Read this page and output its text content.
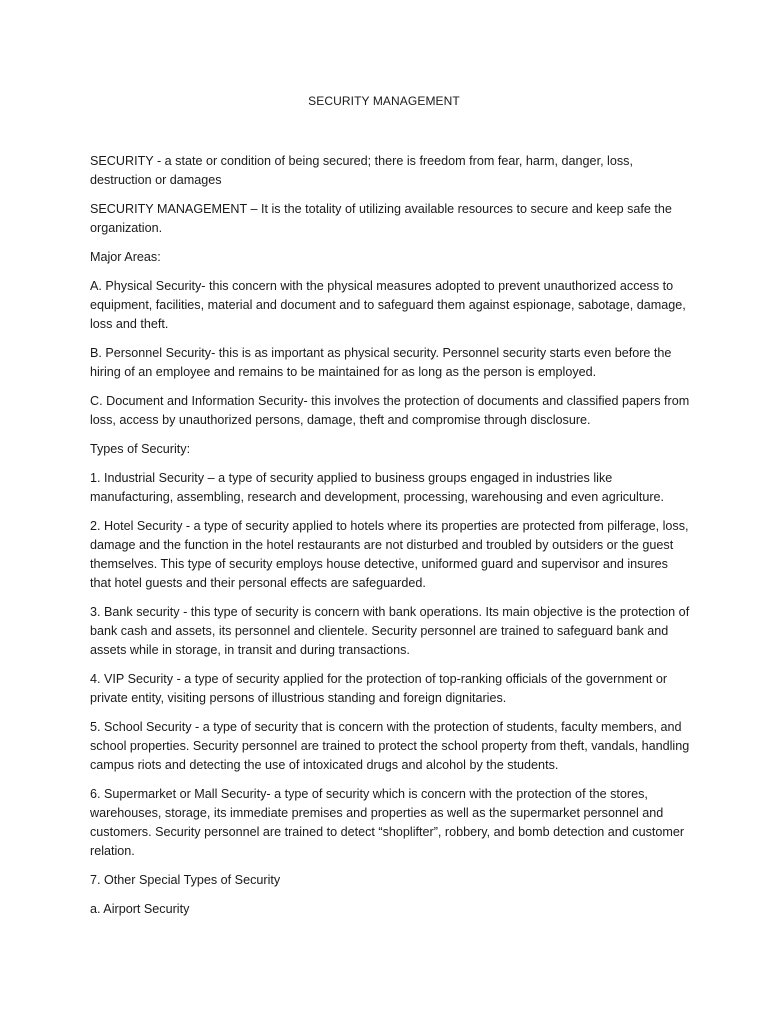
SECURITY MANAGEMENT

SECURITY - a state or condition of being secured; there is freedom from fear, harm, danger, loss, destruction or damages

SECURITY MANAGEMENT – It is the totality of utilizing available resources to secure and keep safe the organization.

Major Areas:

A. Physical Security- this concern with the physical measures adopted to prevent unauthorized access to equipment, facilities, material and document and to safeguard them against espionage, sabotage, damage, loss and theft.

B. Personnel Security- this is as important as physical security. Personnel security starts even before the hiring of an employee and remains to be maintained for as long as the person is employed.

C. Document and Information Security- this involves the protection of documents and classified papers from loss, access by unauthorized persons, damage, theft and compromise through disclosure.

Types of Security:

1. Industrial Security – a type of security applied to business groups engaged in industries like manufacturing, assembling, research and development, processing, warehousing and even agriculture.

2. Hotel Security - a type of security applied to hotels where its properties are protected from pilferage, loss, damage and the function in the hotel restaurants are not disturbed and troubled by outsiders or the guest themselves. This type of security employs house detective, uniformed guard and supervisor and insures that hotel guests and their personal effects are safeguarded.

3. Bank security - this type of security is concern with bank operations. Its main objective is the protection of bank cash and assets, its personnel and clientele. Security personnel are trained to safeguard bank and assets while in storage, in transit and during transactions.

4. VIP Security - a type of security applied for the protection of top-ranking officials of the government or private entity, visiting persons of illustrious standing and foreign dignitaries.

5. School Security - a type of security that is concern with the protection of students, faculty members, and school properties. Security personnel are trained to protect the school property from theft, vandals, handling campus riots and detecting the use of intoxicated drugs and alcohol by the students.

6. Supermarket or Mall Security- a type of security which is concern with the protection of the stores, warehouses, storage, its immediate premises and properties as well as the supermarket personnel and customers. Security personnel are trained to detect “shoplifter”, robbery, and bomb detection and customer relation.

7. Other Special Types of Security

a. Airport Security
